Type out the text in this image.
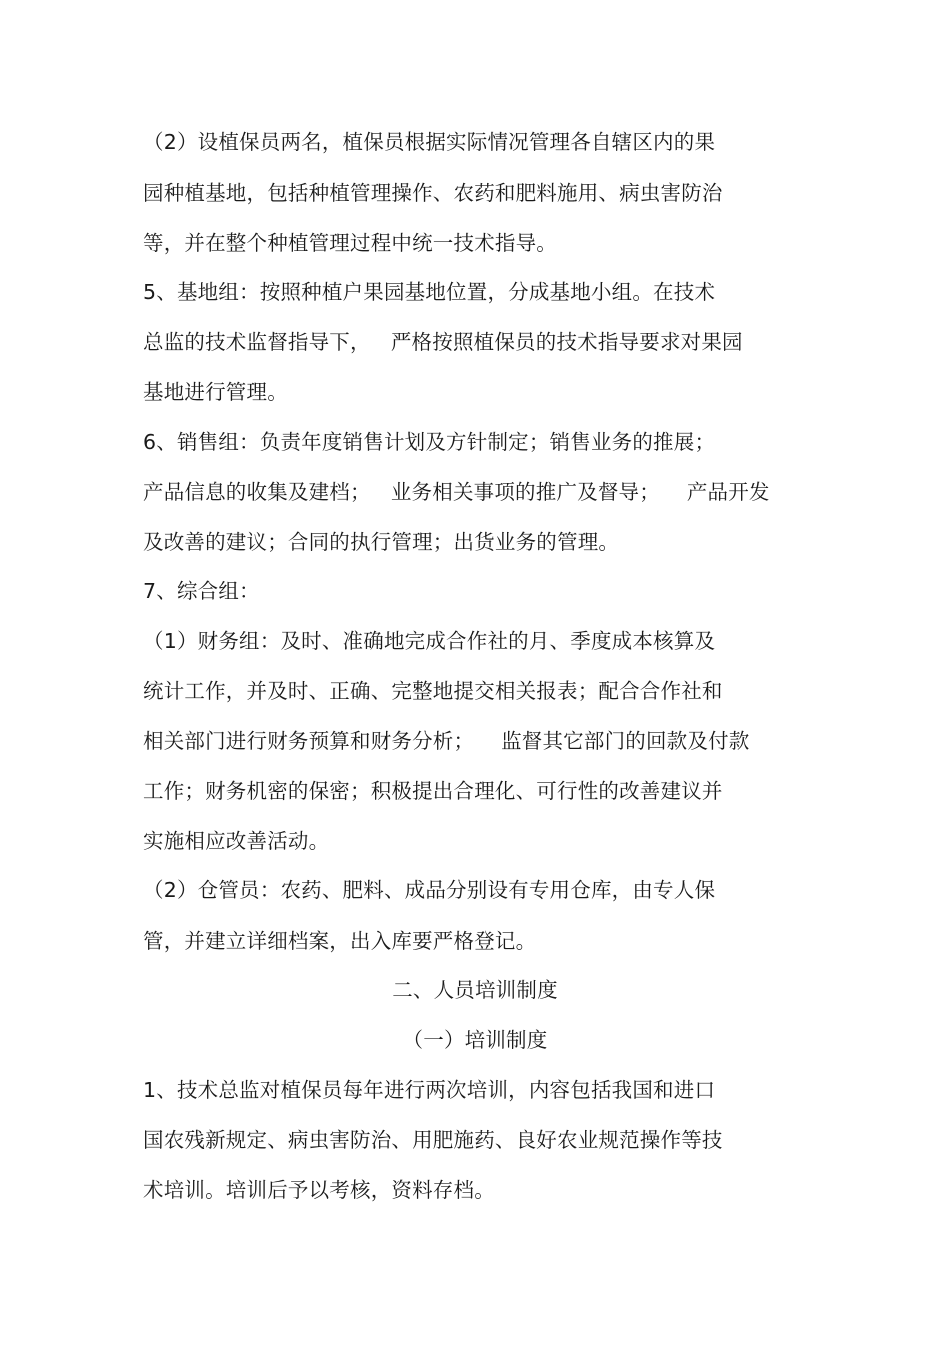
（2）设植保员两名，植保员根据实际情况管理各自辖区内的果
园种植基地，包括种植管理操作、农药和肥料施用、病虫害防治
等，并在整个种植管理过程中统一技术指导。
5、基地组：按照种植户果园基地位置，分成基地小组。在技术
总监的技术监督指导下，   严格按照植保员的技术指导要求对果园
基地进行管理。
6、销售组：负责年度销售计划及方针制定；销售业务的推展；
产品信息的收集及建档；   业务相关事项的推广及督导；    产品开发
及改善的建议；合同的执行管理；出货业务的管理。
7、综合组：
（1）财务组：及时、准确地完成合作社的月、季度成本核算及
统计工作，并及时、正确、完整地提交相关报表；配合合作社和
相关部门进行财务预算和财务分析；    监督其它部门的回款及付款
工作；财务机密的保密；积极提出合理化、可行性的改善建议并
实施相应改善活动。
（2）仓管员：农药、肥料、成品分别设有专用仓库，由专人保
管，并建立详细档案，出入库要严格登记。
二、人员培训制度
（一）培训制度
1、技术总监对植保员每年进行两次培训，内容包括我国和进口
国农残新规定、病虫害防治、用肥施药、良好农业规范操作等技
术培训。培训后予以考核，资料存档。
